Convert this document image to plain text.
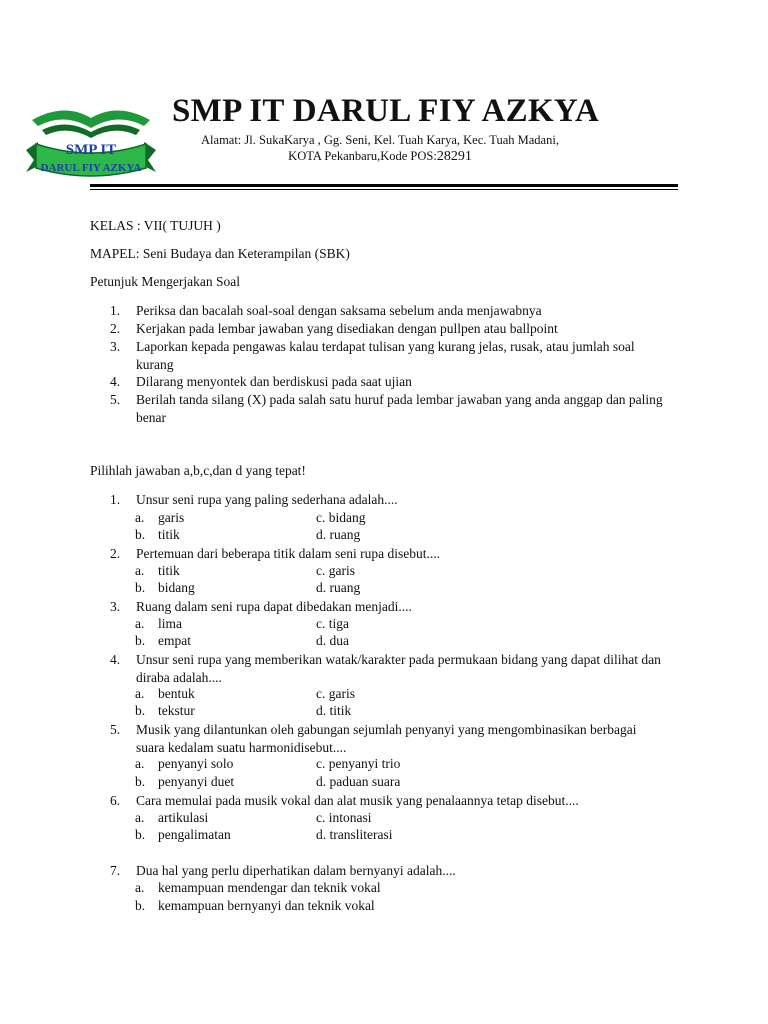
SMP IT
DARUL FIY AZKYA
SMP IT DARUL FIY AZKYA
Alamat: Jl. SukaKarya , Gg. Seni, Kel. Tuah Karya, Kec. Tuah Madani,
KOTA Pekanbaru,Kode POS:28291
KELAS : VII( TUJUH )
MAPEL: Seni Budaya dan Keterampilan (SBK)
Petunjuk Mengerjakan Soal
1. Periksa dan bacalah soal-soal dengan saksama sebelum anda menjawabnya
2. Kerjakan pada lembar jawaban yang disediakan dengan pullpen atau ballpoint
3. Laporkan kepada pengawas kalau terdapat tulisan yang kurang jelas, rusak, atau jumlah soal
kurang
4. Dilarang menyontek dan berdiskusi pada saat ujian
5. Berilah tanda silang (X) pada salah satu huruf pada lembar jawaban yang anda anggap dan paling
benar
Pilihlah jawaban a,b,c,dan d yang tepat!
1. Unsur seni rupa yang paling sederhana adalah....
a. garis	c. bidang
b. titik	d. ruang
2. Pertemuan dari beberapa titik dalam seni rupa disebut....
a. titik	c. garis
b. bidang	d. ruang
3. Ruang dalam seni rupa dapat dibedakan menjadi....
a. lima	c. tiga
b. empat	d. dua
4. Unsur seni rupa yang memberikan watak/karakter pada permukaan bidang yang dapat dilihat dan
diraba adalah....
a. bentuk	c. garis
b. tekstur	d. titik
5. Musik yang dilantunkan oleh gabungan sejumlah penyanyi yang mengombinasikan berbagai
suara kedalam suatu harmonidisebut....
a. penyanyi solo	c. penyanyi trio
b. penyanyi duet	d. paduan suara
6. Cara memulai pada musik vokal dan alat musik yang penalaannya tetap disebut....
a. artikulasi	c. intonasi
b. pengalimatan	d. transliterasi
7. Dua hal yang perlu diperhatikan dalam bernyanyi adalah....
a. kemampuan mendengar dan teknik vokal
b. kemampuan bernyanyi dan teknik vokal
